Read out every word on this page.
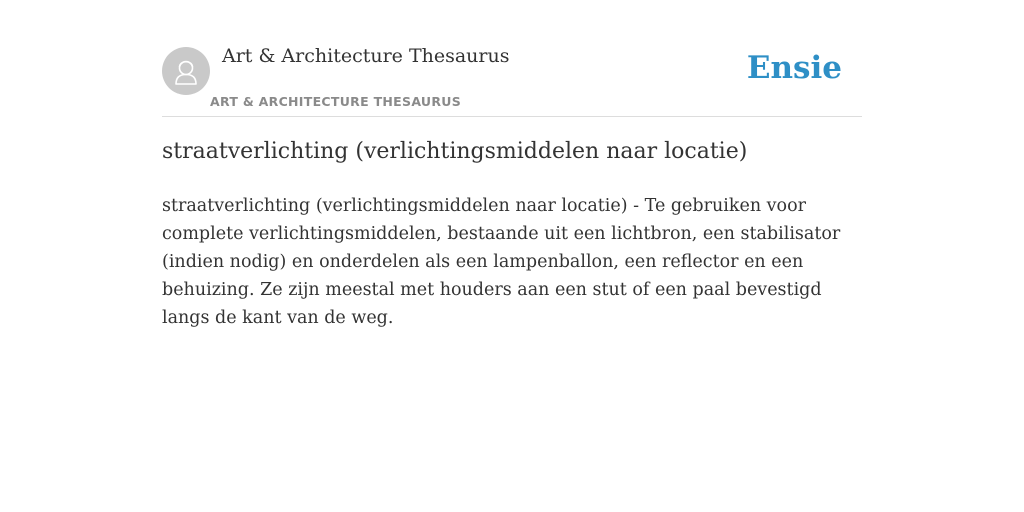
Art & Architecture Thesaurus
ART & ARCHITECTURE THESAURUS
Ensie
straatverlichting (verlichtingsmiddelen naar locatie)

straatverlichting (verlichtingsmiddelen naar locatie) - Te gebruiken voor complete verlichtingsmiddelen, bestaande uit een lichtbron, een stabilisator (indien nodig) en onderdelen als een lampenballon, een reflector en een behuizing. Ze zijn meestal met houders aan een stut of een paal bevestigd langs de kant van de weg.
